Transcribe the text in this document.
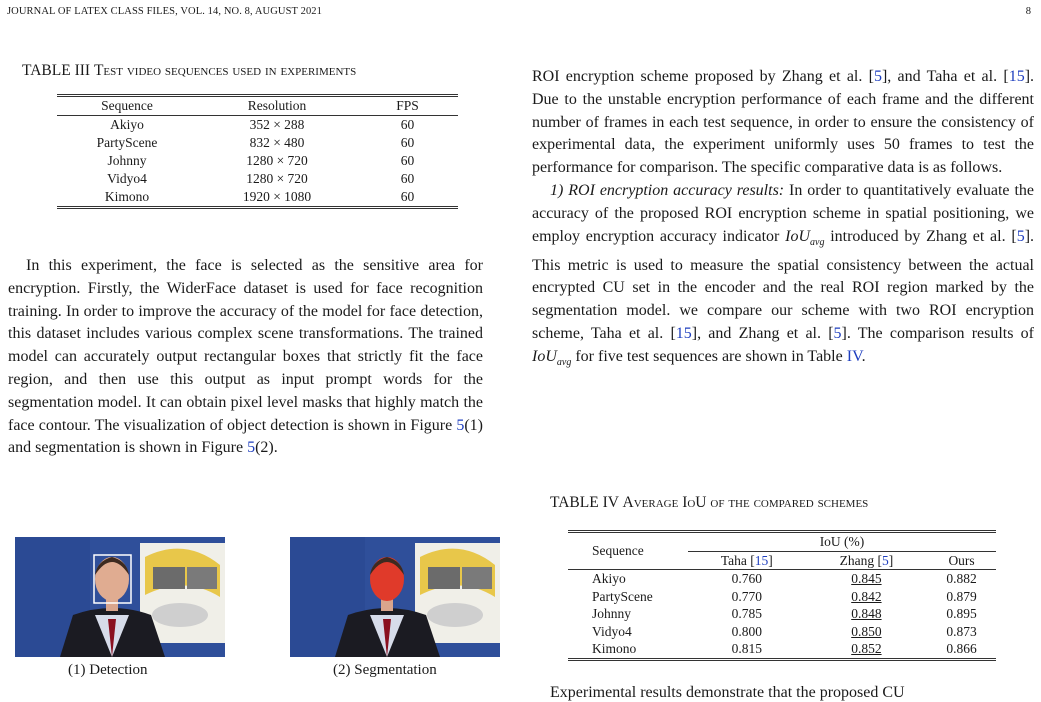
JOURNAL OF LATEX CLASS FILES, VOL. 14, NO. 8, AUGUST 2021	8
TABLE III Test video sequences used in experiments
Sequence	Resolution	FPS
Akiyo	352 × 288	60
PartyScene	832 × 480	60
Johnny	1280 × 720	60
Vidyo4	1280 × 720	60
Kimono	1920 × 1080	60

In this experiment, the face is selected as the sensitive area for encryption. Firstly, the WiderFace dataset is used for face recognition training. In order to improve the accuracy of the model for face detection, this dataset includes various complex scene transformations. The trained model can accurately output rectangular boxes that strictly fit the face region, and then use this output as input prompt words for the segmentation model. It can obtain pixel level masks that highly match the face contour. The visualization of object detection is shown in Figure 5(1) and segmentation is shown in Figure 5(2).

(1) Detection	(2) Segmentation

ROI encryption scheme proposed by Zhang et al. [5], and Taha et al. [15]. Due to the unstable encryption performance of each frame and the different number of frames in each test sequence, in order to ensure the consistency of experimental data, the experiment uniformly uses 50 frames to test the performance for comparison. The specific comparative data is as follows.

1) ROI encryption accuracy results: In order to quantitatively evaluate the accuracy of the proposed ROI encryption scheme in spatial positioning, we employ encryption accuracy indicator IoU$_{avg}$ introduced by Zhang et al. [5]. This metric is used to measure the spatial consistency between the actual encrypted CU set in the encoder and the real ROI region marked by the segmentation model. we compare our scheme with two ROI encryption scheme, Taha et al. [15], and Zhang et al. [5]. The comparison results of IoU$_{avg}$ for five test sequences are shown in Table IV.

TABLE IV Average IoU of the compared schemes
Sequence	IoU (%)		
	Taha [15]	Zhang [5]	Ours
Akiyo	0.760	0.845	0.882
PartyScene	0.770	0.842	0.879
Johnny	0.785	0.848	0.895
Vidyo4	0.800	0.850	0.873
Kimono	0.815	0.852	0.866
Experimental results demonstrate that the proposed CU
